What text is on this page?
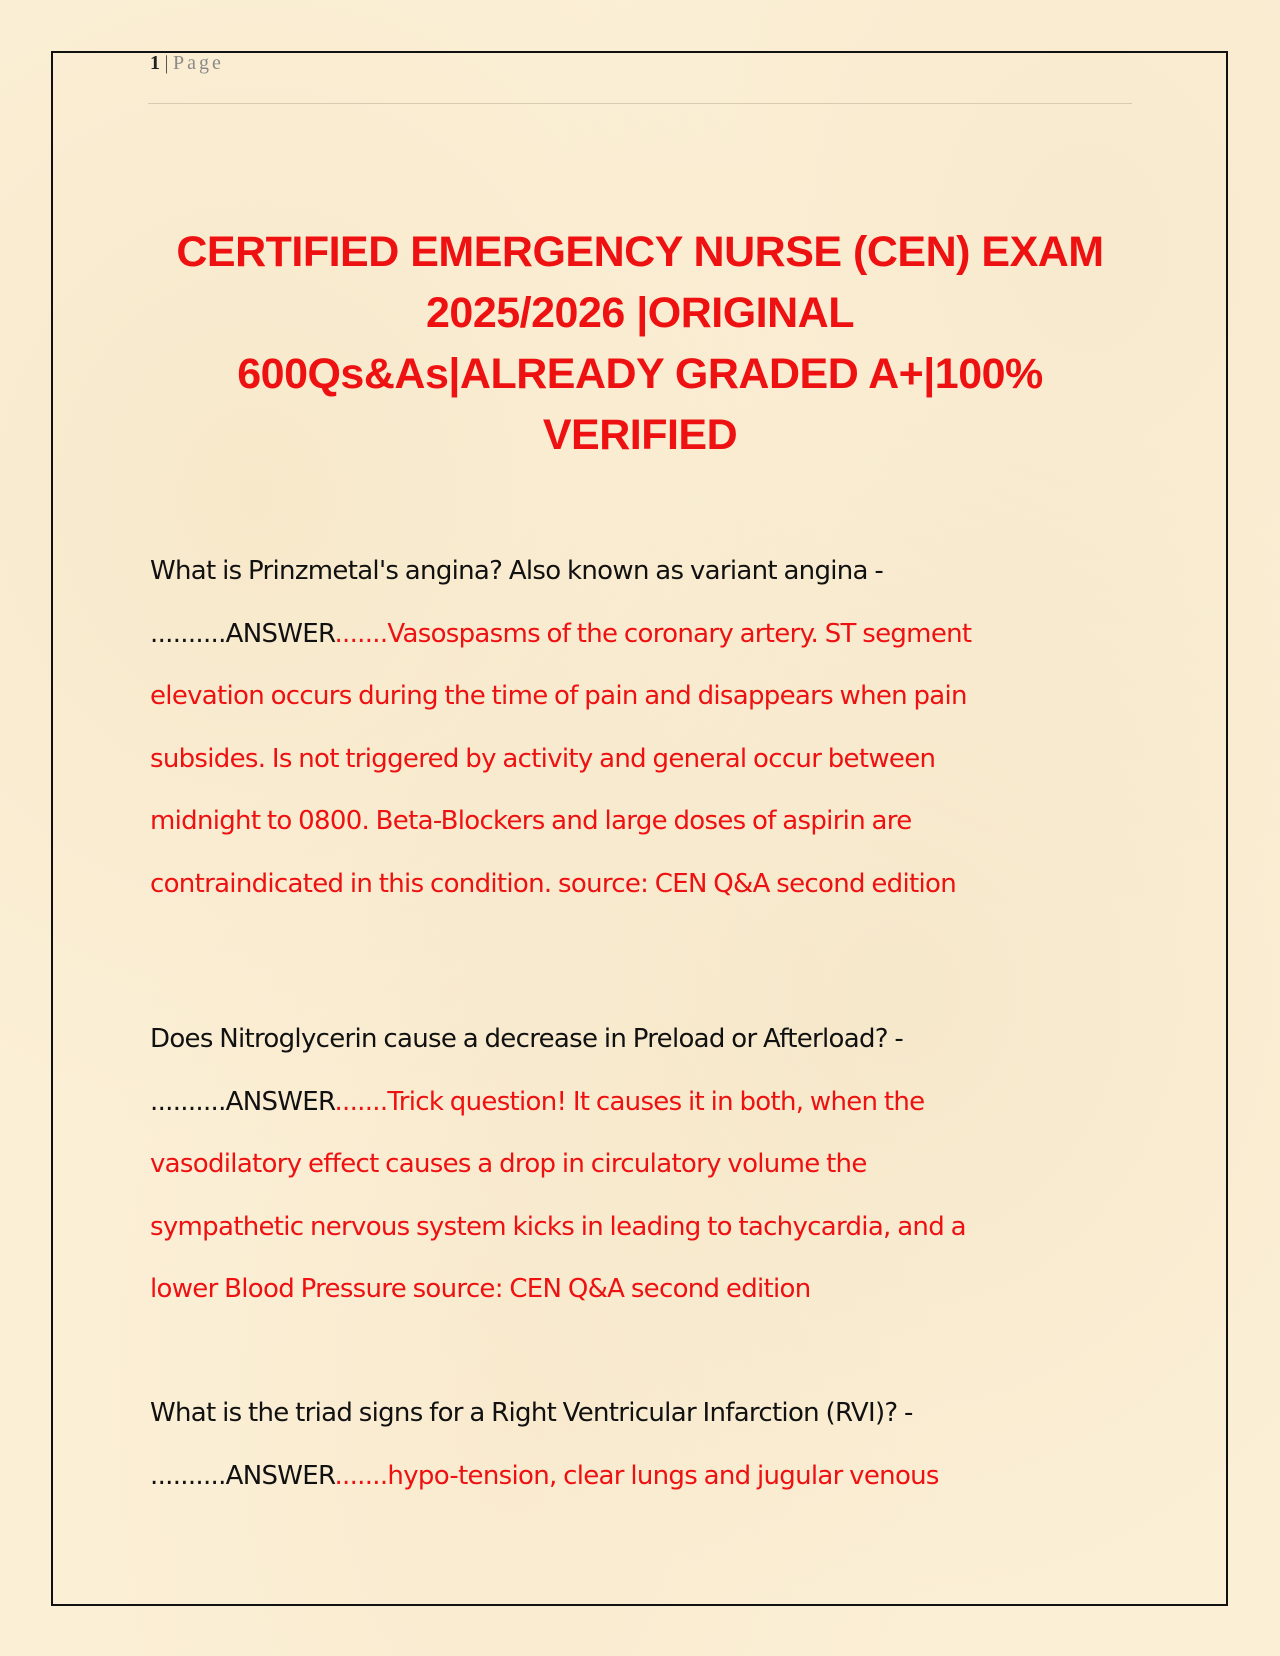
1 | Page
CERTIFIED EMERGENCY NURSE (CEN) EXAM
2025/2026 |ORIGINAL
600Qs&As|ALREADY GRADED A+|100%
VERIFIED
What is Prinzmetal's angina? Also known as variant angina -
..........ANSWER.......Vasospasms of the coronary artery. ST segment
elevation occurs during the time of pain and disappears when pain
subsides. Is not triggered by activity and general occur between
midnight to 0800. Beta-Blockers and large doses of aspirin are
contraindicated in this condition. source: CEN Q&A second edition
Does Nitroglycerin cause a decrease in Preload or Afterload? -
..........ANSWER.......Trick question! It causes it in both, when the
vasodilatory effect causes a drop in circulatory volume the
sympathetic nervous system kicks in leading to tachycardia, and a
lower Blood Pressure source: CEN Q&A second edition
What is the triad signs for a Right Ventricular Infarction (RVI)? -
..........ANSWER.......hypo-tension, clear lungs and jugular venous
